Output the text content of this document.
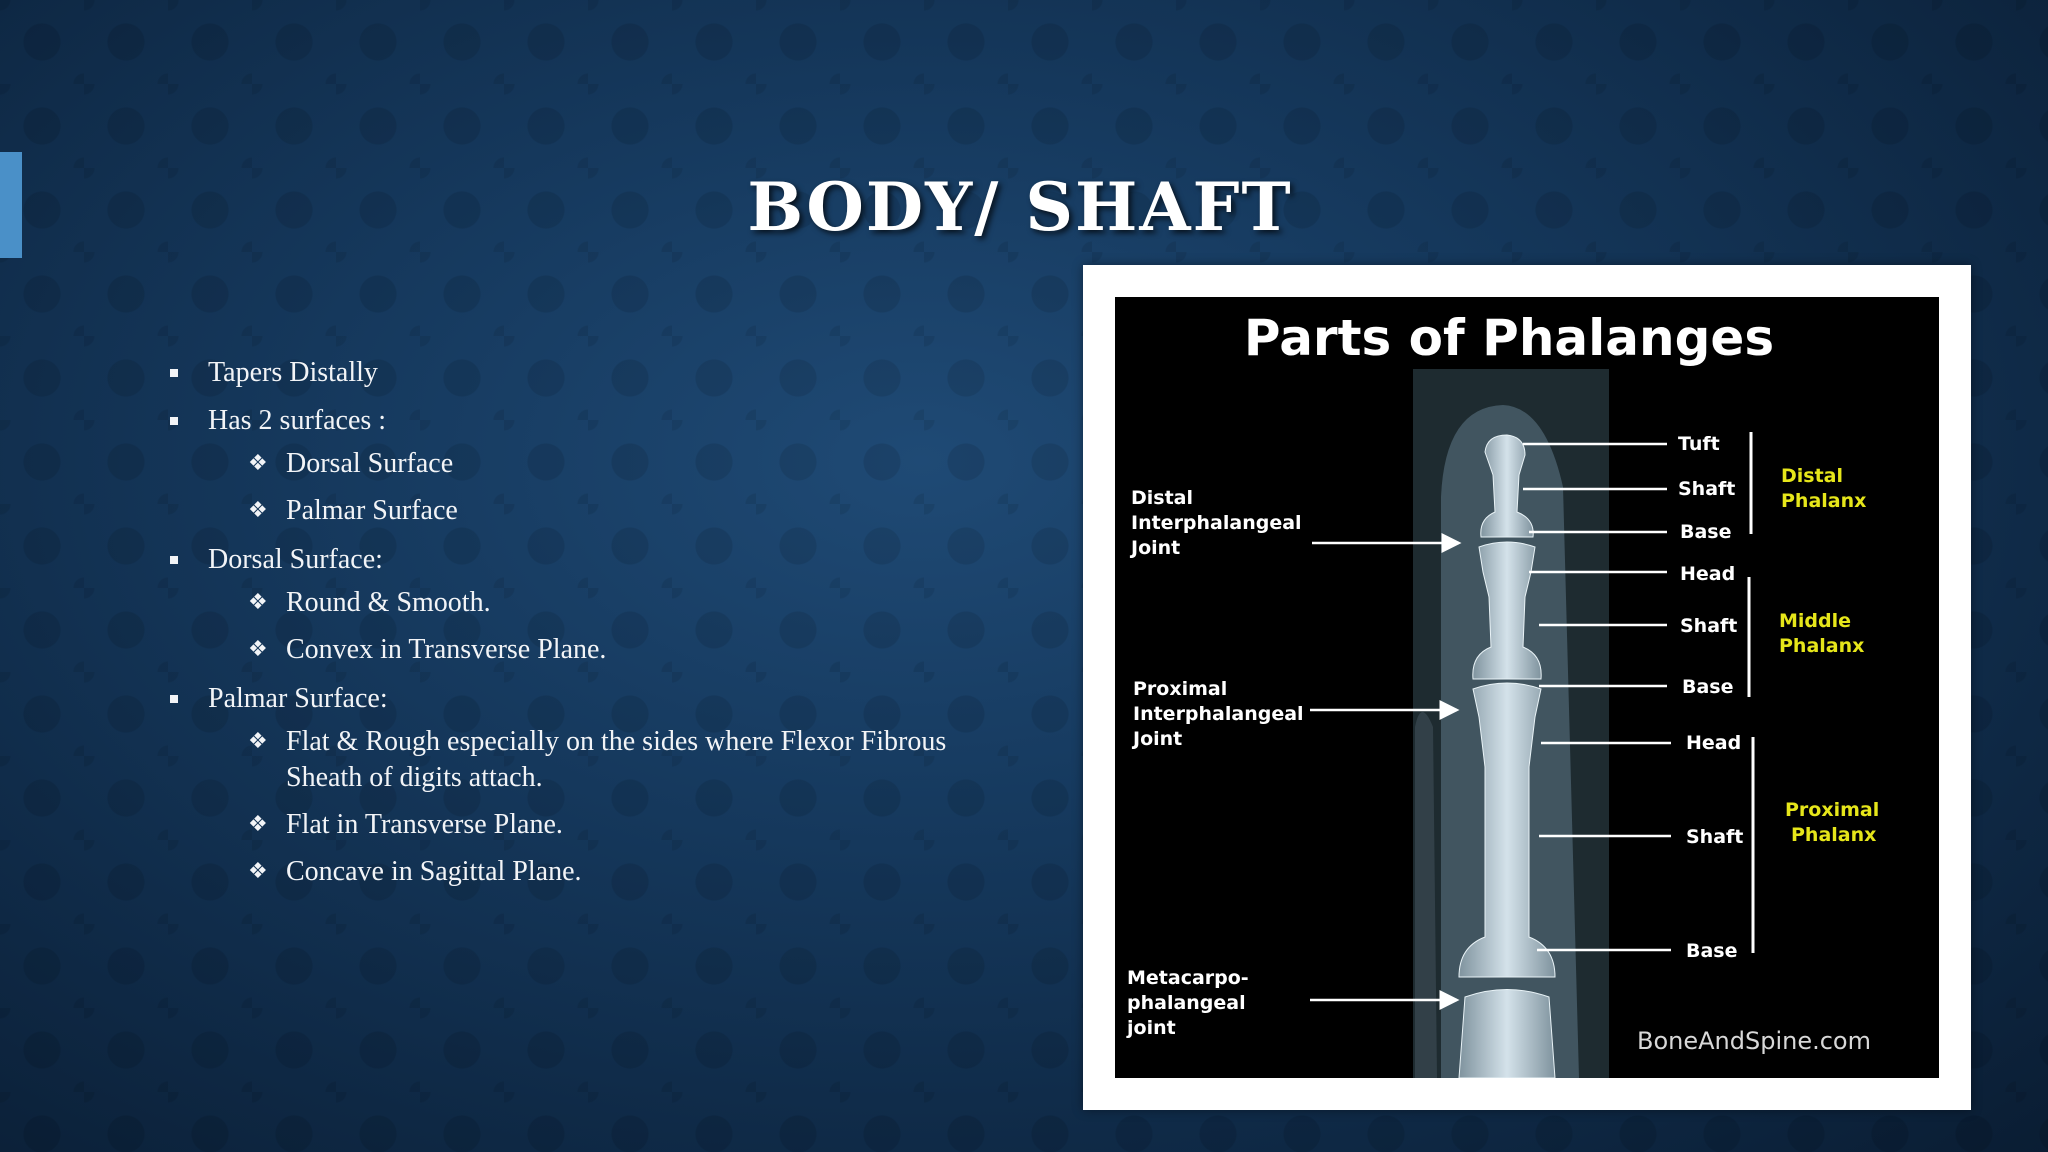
BODY/ SHAFT
Tapers Distally
Has 2 surfaces :
❖ Dorsal Surface
❖ Palmar Surface
Dorsal Surface:
❖ Round & Smooth.
❖ Convex in Transverse Plane.
Palmar Surface:
❖ Flat & Rough especially on the sides where Flexor Fibrous Sheath of digits attach.
❖ Flat in Transverse Plane.
❖ Concave in Sagittal Plane.
Parts of Phalanges
Distal
Interphalangeal
Joint
Proximal
Interphalangeal
Joint
Metacarpo-
phalangeal
joint
Tuft
Shaft
Base
Head
Shaft
Base
Head
Shaft
Base
Distal
Phalanx
Middle
Phalanx
Proximal
Phalanx
BoneAndSpine.com
